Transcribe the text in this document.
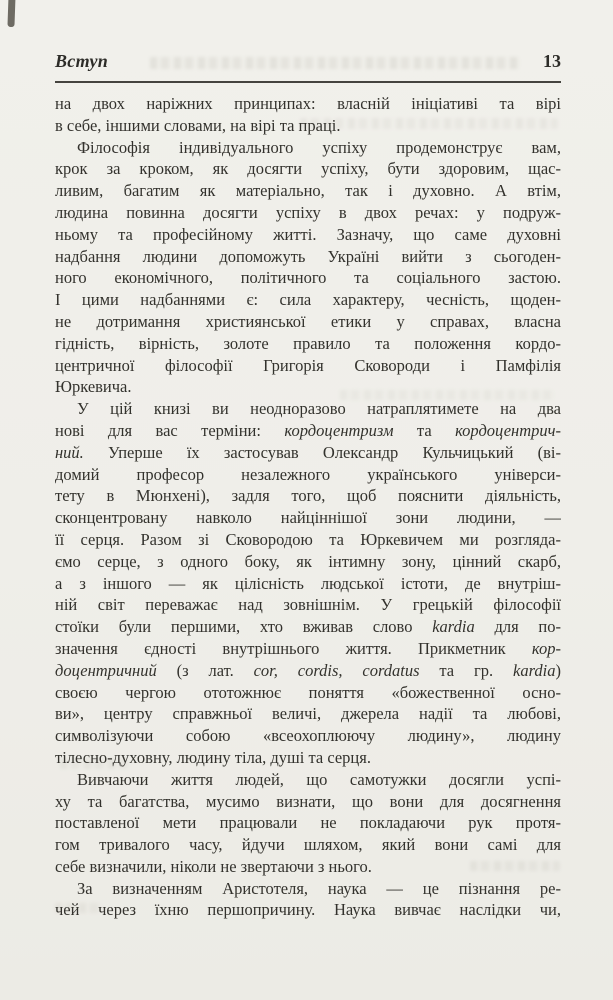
Вступ	13
на двох наріжних принципах: власній ініціативі та вірі
в себе, іншими словами, на вірі та праці.
Філософія індивідуального успіху продемонструє вам,
крок за кроком, як досягти успіху, бути здоровим, щас-
ливим, багатим як матеріально, так і духовно. А втім,
людина повинна досягти успіху в двох речах: у подруж-
ньому та професійному житті. Зазначу, що саме духовні
надбання людини допоможуть Україні вийти з сьогоден-
ного економічного, політичного та соціального застою.
І цими надбаннями є: сила характеру, чесність, щоден-
не дотримання християнської етики у справах, власна
гідність, вірність, золоте правило та положення кордо-
центричної філософії Григорія Сковороди і Памфілія
Юркевича.
У цій книзі ви неодноразово натраплятимете на два
нові для вас терміни: кордоцентризм та кордоцентрич-
ний. Уперше їх застосував Олександр Кульчицький (ві-
домий професор незалежного українського універси-
тету в Мюнхені), задля того, щоб пояснити діяльність,
сконцентровану навколо найціннішої зони людини, —
її серця. Разом зі Сковородою та Юркевичем ми розгляда-
ємо серце, з одного боку, як інтимну зону, цінний скарб,
а з іншого — як цілісність людської істоти, де внутріш-
ній світ переважає над зовнішнім. У грецькій філософії
стоїки були першими, хто вживав слово kardia для по-
значення єдності внутрішнього життя. Прикметник кор-
доцентричний (з лат. cor, cordis, cordatus та гр. kardia)
своєю чергою ототожнює поняття «божественної осно-
ви», центру справжньої величі, джерела надії та любові,
символізуючи собою «всеохоплюючу людину», людину
тілесно-духовну, людину тіла, душі та серця.
Вивчаючи життя людей, що самотужки досягли успі-
ху та багатства, мусимо визнати, що вони для досягнення
поставленої мети працювали не покладаючи рук протя-
гом тривалого часу, йдучи шляхом, який вони самі для
себе визначили, ніколи не звертаючи з нього.
За визначенням Аристотеля, наука — це пізнання ре-
чей через їхню першопричину. Наука вивчає наслідки чи,
